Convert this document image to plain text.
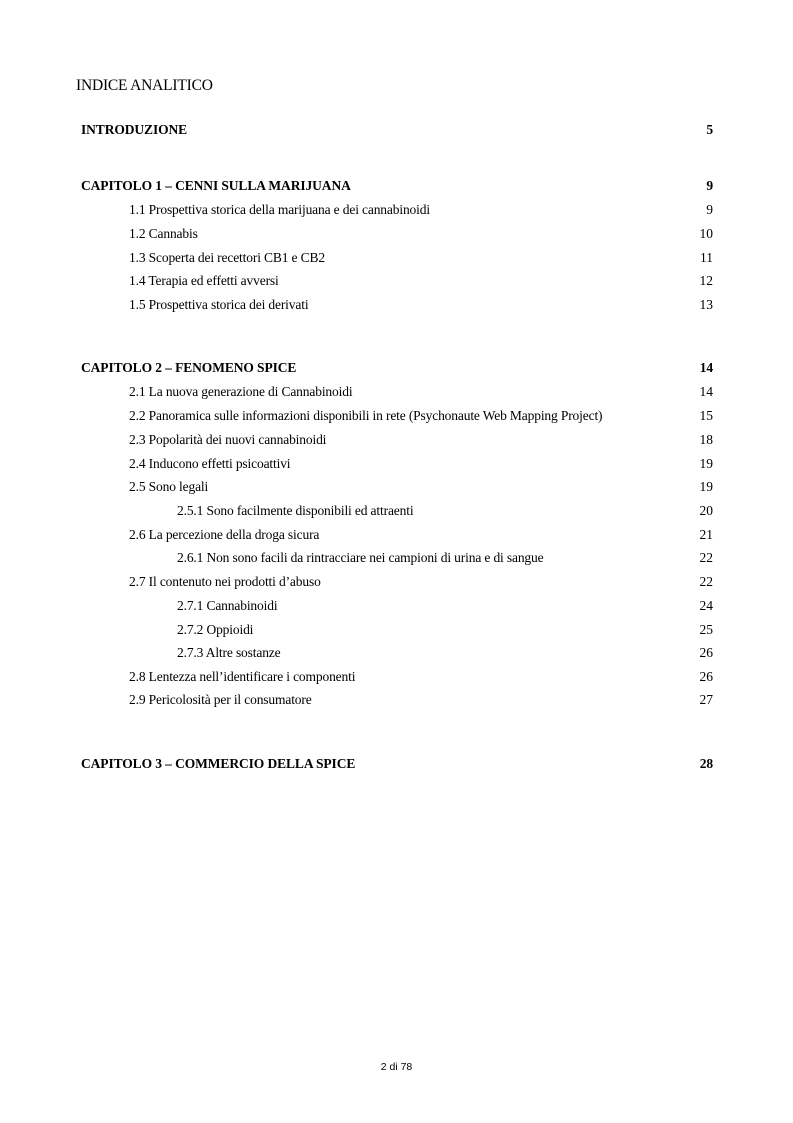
INDICE ANALITICO
INTRODUZIONE	5
CAPITOLO 1 – CENNI SULLA MARIJUANA	9
1.1 Prospettiva storica della marijuana e dei cannabinoidi	9
1.2 Cannabis	10
1.3 Scoperta dei recettori CB1 e CB2	11
1.4 Terapia ed effetti avversi	12
1.5 Prospettiva storica dei derivati	13
CAPITOLO 2 – FENOMENO SPICE	14
2.1 La nuova generazione di Cannabinoidi	14
2.2 Panoramica sulle informazioni disponibili in rete (Psychonaute Web Mapping Project)	15
2.3 Popolarità dei nuovi cannabinoidi	18
2.4 Inducono effetti psicoattivi	19
2.5 Sono legali	19
2.5.1 Sono facilmente disponibili ed attraenti	20
2.6 La percezione della droga sicura	21
2.6.1 Non sono facili da rintracciare nei campioni di urina e di sangue	22
2.7 Il contenuto nei prodotti d’abuso	22
2.7.1 Cannabinoidi	24
2.7.2 Oppioidi	25
2.7.3 Altre sostanze	26
2.8 Lentezza nell’identificare i componenti	26
2.9 Pericolosità per il consumatore	27
CAPITOLO 3 – COMMERCIO DELLA SPICE	28
2 di 78
